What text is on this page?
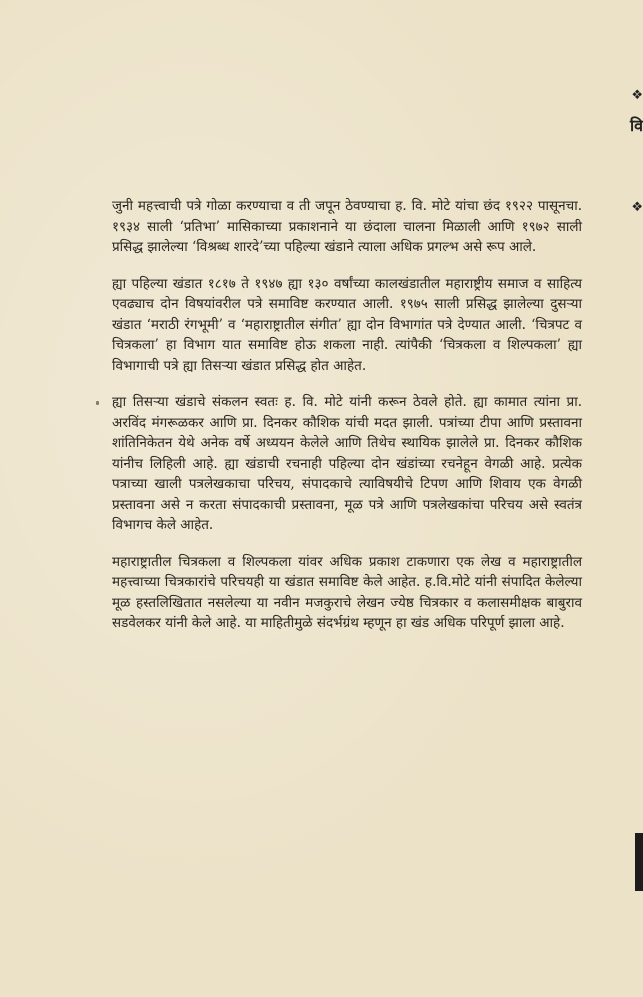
जुनी महत्त्वाची पत्रे गोळा करण्याचा व ती जपून ठेवण्याचा ह. वि. मोटे यांचा छंद १९२२ पासूनचा. १९३४ साली ‘प्रतिभा’ मासिकाच्या प्रकाशनाने या छंदाला चालना मिळाली आणि १९७२ साली प्रसिद्ध झालेल्या ‘विश्रब्ध शारदे’च्या पहिल्या खंडाने त्याला अधिक प्रगल्भ असे रूप आले.
ह्या पहिल्या खंडात १८१७ ते १९४७ ह्या १३० वर्षांच्या कालखंडातील महाराष्ट्रीय समाज व साहित्य एवढ्याच दोन विषयांवरील पत्रे समाविष्ट करण्यात आली. १९७५ साली प्रसिद्ध झालेल्या दुसऱ्या खंडात ‘मराठी रंगभूमी’ व ‘महाराष्ट्रातील संगीत’ ह्या दोन विभागांत पत्रे देण्यात आली. ‘चित्रपट व चित्रकला’ हा विभाग यात समाविष्ट होऊ शकला नाही. त्यांपैकी ‘चित्रकला व शिल्पकला’ ह्या विभागाची पत्रे ह्या तिसऱ्या खंडात प्रसिद्ध होत आहेत.
ह्या तिसऱ्या खंडाचे संकलन स्वतः ह. वि. मोटे यांनी करून ठेवले होते. ह्या कामात त्यांना प्रा. अरविंद मंगरूळकर आणि प्रा. दिनकर कौशिक यांची मदत झाली. पत्रांच्या टीपा आणि प्रस्तावना शांतिनिकेतन येथे अनेक वर्षे अध्ययन केलेले आणि तिथेच स्थायिक झालेले प्रा. दिनकर कौशिक यांनीच लिहिली आहे. ह्या खंडाची रचनाही पहिल्या दोन खंडांच्या रचनेहून वेगळी आहे. प्रत्येक पत्राच्या खाली पत्रलेखकाचा परिचय, संपादकाचे त्याविषयीचे टिपण आणि शिवाय एक वेगळी प्रस्तावना असे न करता संपादकाची प्रस्तावना, मूळ पत्रे आणि पत्रलेखकांचा परिचय असे स्वतंत्र विभागच केले आहेत.
महाराष्ट्रातील चित्रकला व शिल्पकला यांवर अधिक प्रकाश टाकणारा एक लेख व महाराष्ट्रातील महत्त्वाच्या चित्रकारांचे परिचयही या खंडात समाविष्ट केले आहेत. ह.वि.मोटे यांनी संपादित केलेल्या मूळ हस्तलिखितात नसलेल्या या नवीन मजकुराचे लेखन ज्येष्ठ चित्रकार व कलासमीक्षक बाबुराव सडवेलकर यांनी केले आहे. या माहितीमुळे संदर्भग्रंथ म्हणून हा खंड अधिक परिपूर्ण झाला आहे.
❖
वि
❖
